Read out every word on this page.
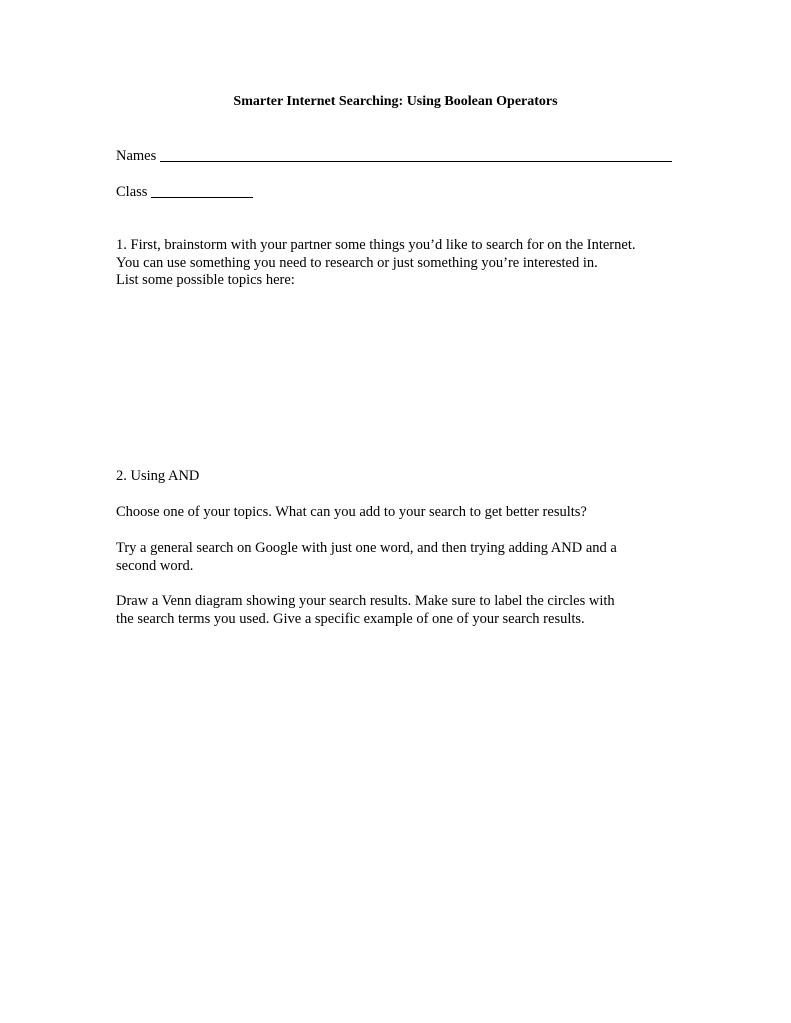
Smarter Internet Searching: Using Boolean Operators
Names
Class

1. First, brainstorm with your partner some things you’d like to search for on the Internet.
You can use something you need to research or just something you’re interested in.
List some possible topics here:

2. Using AND

Choose one of your topics. What can you add to your search to get better results?

Try a general search on Google with just one word, and then trying adding AND and a
second word.

Draw a Venn diagram showing your search results. Make sure to label the circles with
the search terms you used. Give a specific example of one of your search results.
